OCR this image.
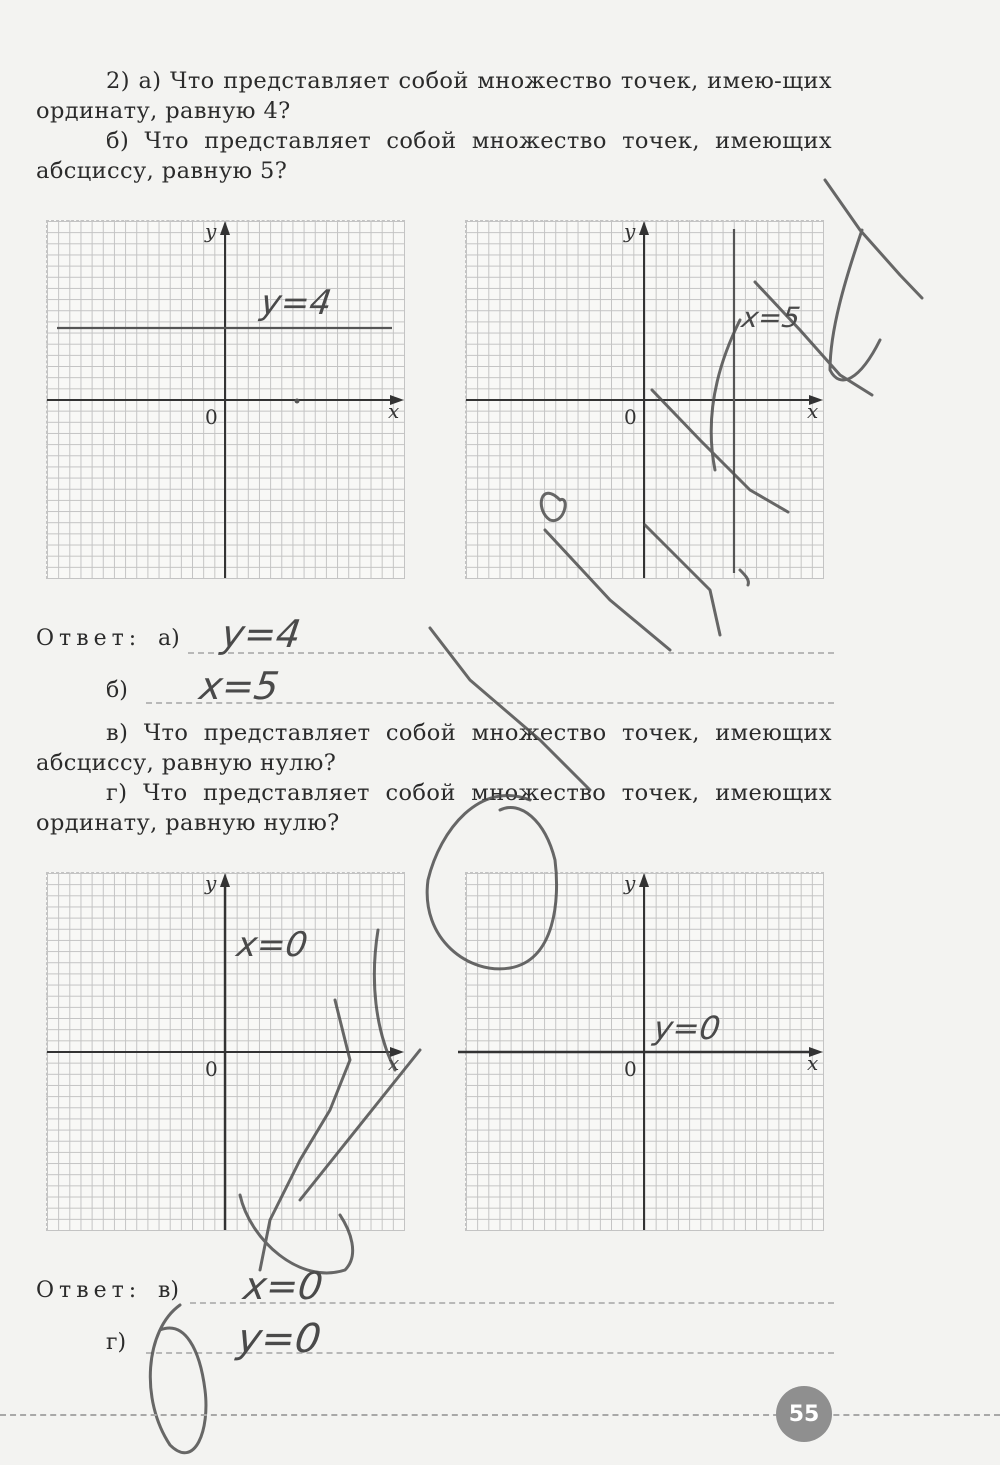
2) а) Что представляет собой множество точек, имею-щих ординату, равную 4?

б) Что представляет собой множество точек, имеющих абсциссу, равную 5?

y
x
0
y=4
y
x
0
x=5
Ответ: а) y=4
б) x=5

в) Что представляет собой множество точек, имеющих абсциссу, равную нулю?

г) Что представляет собой множество точек, имеющих ординату, равную нулю?

y
x
0
x=0
y
x
0
y=0
Ответ: в) x=0
г)	y=0
55
